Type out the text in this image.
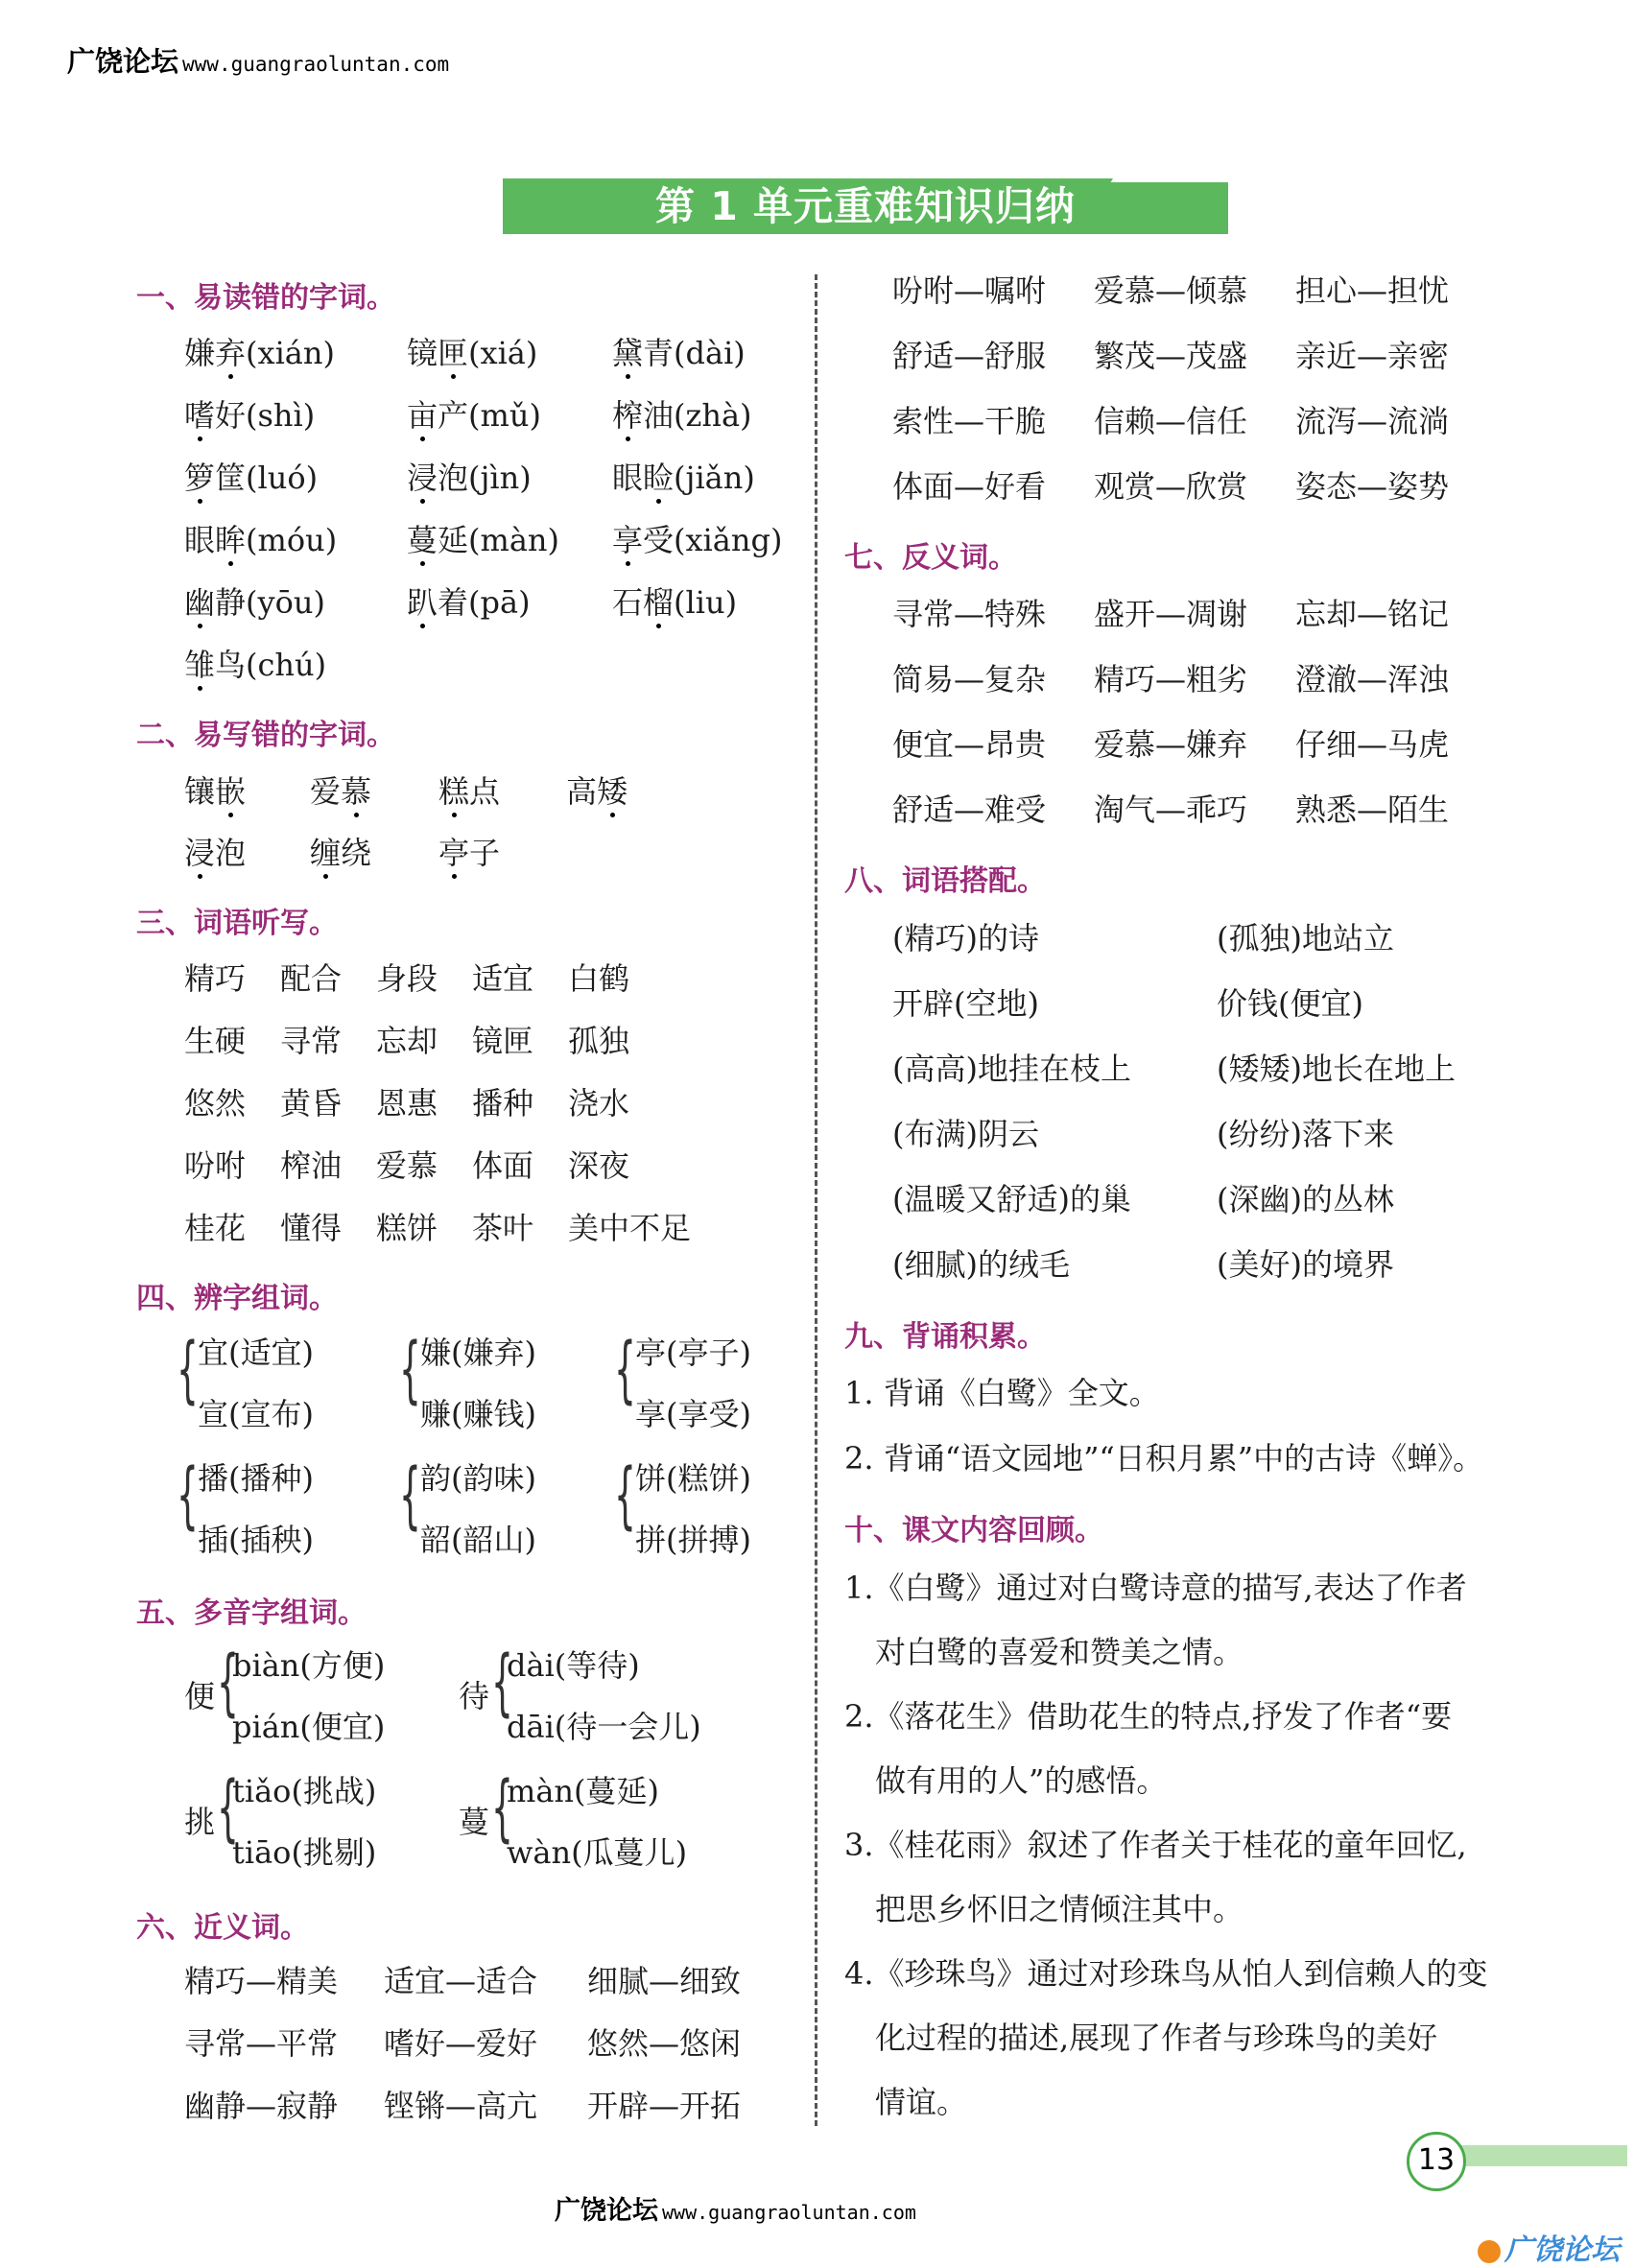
广饶论坛 www.guangraoluntan.com
第 1 单元重难知识归纳
一、易读错的字词。
嫌弃(xián) 镜匣(xiá) 黛青(dài)
嗜好(shì)	亩产(mǔ) 榨油(zhà)
箩筐(luó)	浸泡(jìn)	眼睑(jiǎn)
眼眸(móu) 蔓延(màn) 享受(xiǎng)
幽静(yōu)	趴着(pā)	石榴(liu)
雏鸟(chú)
二、易写错的字词。
镶嵌 爱慕 糕点 高矮
浸泡 缠绕 亭子
三、词语听写。
精巧 配合 身段 适宜 白鹤
生硬 寻常 忘却 镜匣 孤独
悠然 黄昏 恩惠 播种 浇水
吩咐 榨油 爱慕 体面 深夜
桂花 懂得 糕饼 茶叶 美中不足
四、辨字组词。
{ 宜(适宜)
宣(宣布)
{ 嫌(嫌弃)
赚(赚钱)
{ 亭(亭子)
享(享受)
{ 播(播种)
插(插秧)
{ 韵(韵味)
韶(韶山)
{ 饼(糕饼)
拼(拼搏)
五、多音字组词。
便 {
biàn(方便)
pián(便宜)
待 {
dài(等待)
dāi(待一会儿)
挑 {
tiǎo(挑战)
tiāo(挑剔)
蔓 {
màn(蔓延)
wàn(瓜蔓儿)
六、近义词。
精巧—精美 适宜—适合 细腻—细致
寻常—平常 嗜好—爱好 悠然—悠闲
幽静—寂静 铿锵—高亢 开辟—开拓
吩咐—嘱咐 爱慕—倾慕 担心—担忧
舒适—舒服 繁茂—茂盛 亲近—亲密
索性—干脆 信赖—信任 流泻—流淌
体面—好看 观赏—欣赏 姿态—姿势
七、反义词。
寻常—特殊 盛开—凋谢 忘却—铭记
简易—复杂 精巧—粗劣 澄澈—浑浊
便宜—昂贵 爱慕—嫌弃 仔细—马虎
舒适—难受 淘气—乖巧 熟悉—陌生
八、词语搭配。
(精巧)的诗	(孤独)地站立
开辟(空地)	价钱(便宜)
(高高)地挂在枝上	(矮矮)地长在地上
(布满)阴云	(纷纷)落下来
(温暖又舒适)的巢	(深幽)的丛林
(细腻)的绒毛	(美好)的境界
九、背诵积累。
1. 背诵《白鹭》全文。
2. 背诵“语文园地”“日积月累”中的古诗《蝉》。
十、课文内容回顾。
1.《白鹭》通过对白鹭诗意的描写,表达了作者
对白鹭的喜爱和赞美之情。
2.《落花生》借助花生的特点,抒发了作者“要
做有用的人”的感悟。
3.《桂花雨》叙述了作者关于桂花的童年回忆,
把思乡怀旧之情倾注其中。
4.《珍珠鸟》通过对珍珠鸟从怕人到信赖人的变
化过程的描述,展现了作者与珍珠鸟的美好
情谊。
13
广饶论坛 www.guangraoluntan.com
广饶论坛
